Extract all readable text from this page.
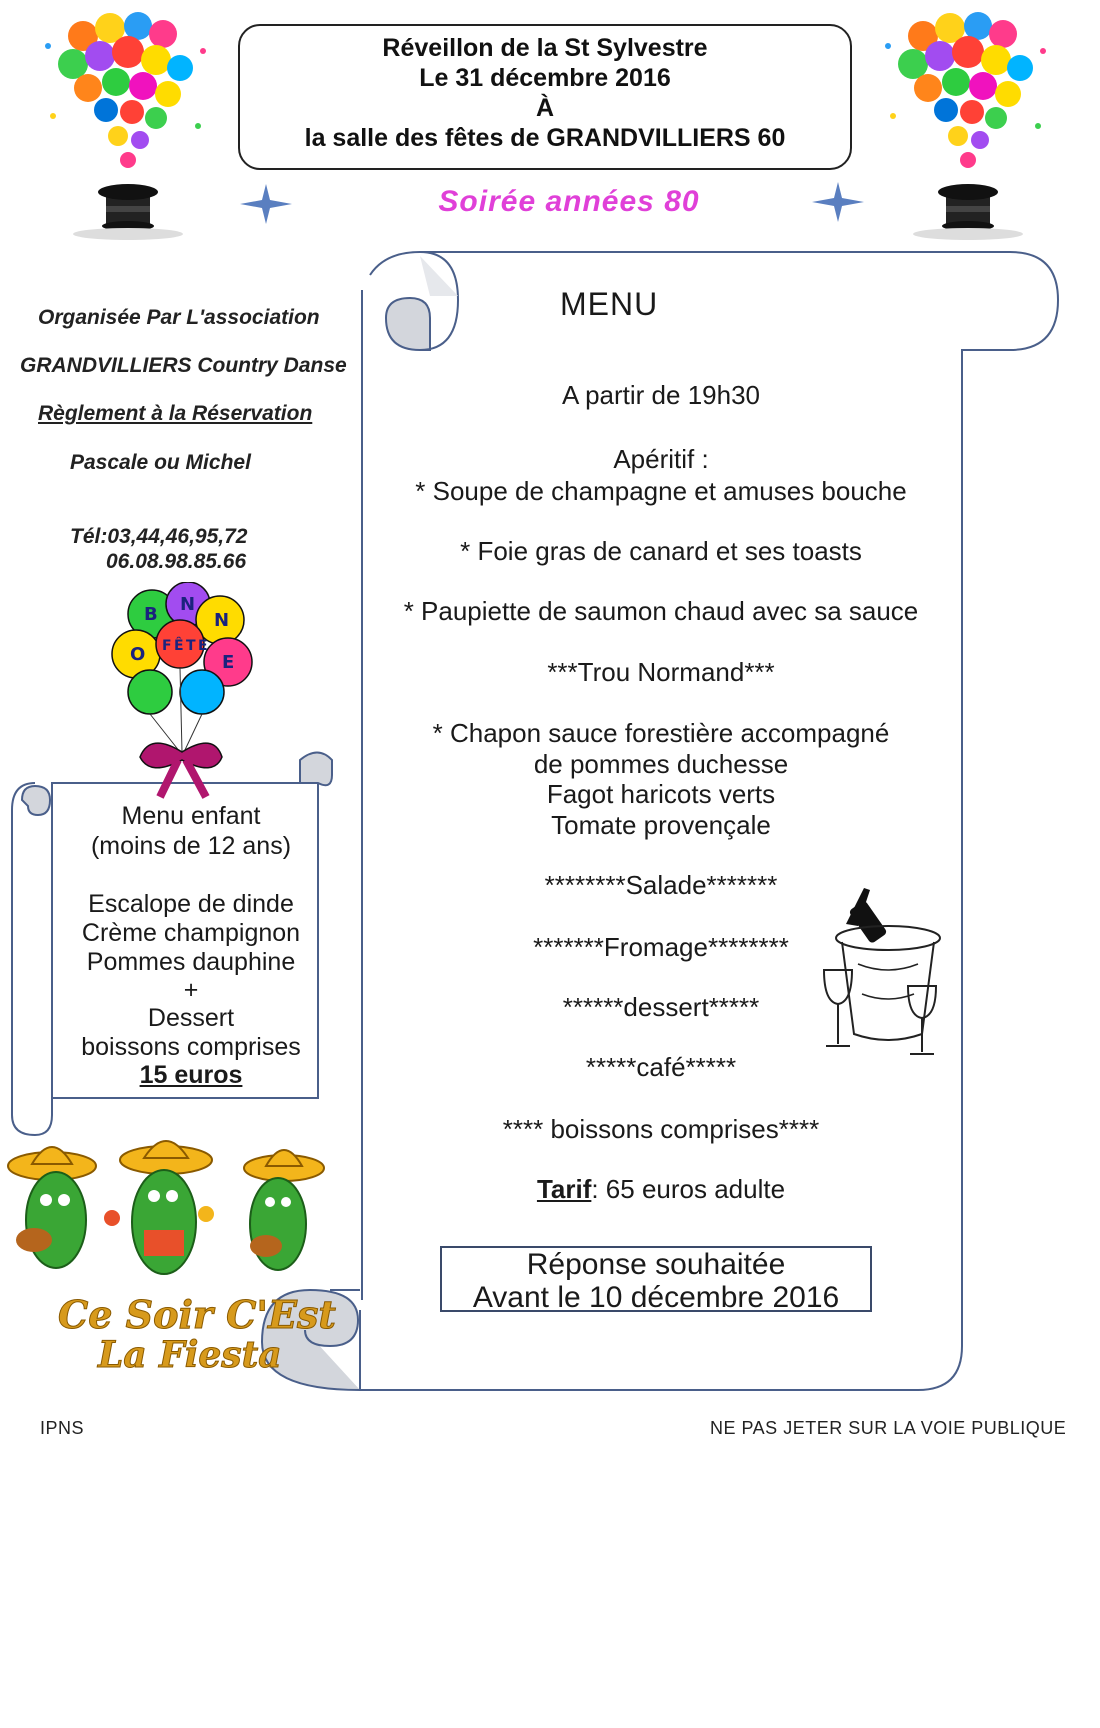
Réveillon de la St Sylvestre
Le 31 décembre 2016
À
la salle des fêtes de GRANDVILLIERS 60
Soirée années 80
Organisée Par L'association
GRANDVILLIERS Country Danse
Règlement à la Réservation
Pascale ou Michel
Tél:03,44,46,95,72
06.08.98.85.66
B
O
N
N
E
F Ê T E
MENU
A partir de 19h30
Apéritif :
* Soupe de champagne et amuses bouche
* Foie gras de canard et ses toasts
* Paupiette de saumon chaud avec sa sauce
***Trou Normand***
* Chapon sauce forestière accompagné
de pommes duchesse
Fagot haricots verts
Tomate provençale
********Salade*******
*******Fromage********
******dessert*****
*****café*****
**** boissons comprises****
Tarif: 65 euros adulte
Réponse souhaitée
Avant le 10 décembre 2016
Menu enfant
(moins de 12 ans)
Escalope de dinde
Crème champignon
Pommes dauphine
+
Dessert
boissons comprises
15 euros
Ce Soir C'Est
La Fiesta
IPNS	NE PAS JETER SUR LA VOIE PUBLIQUE
